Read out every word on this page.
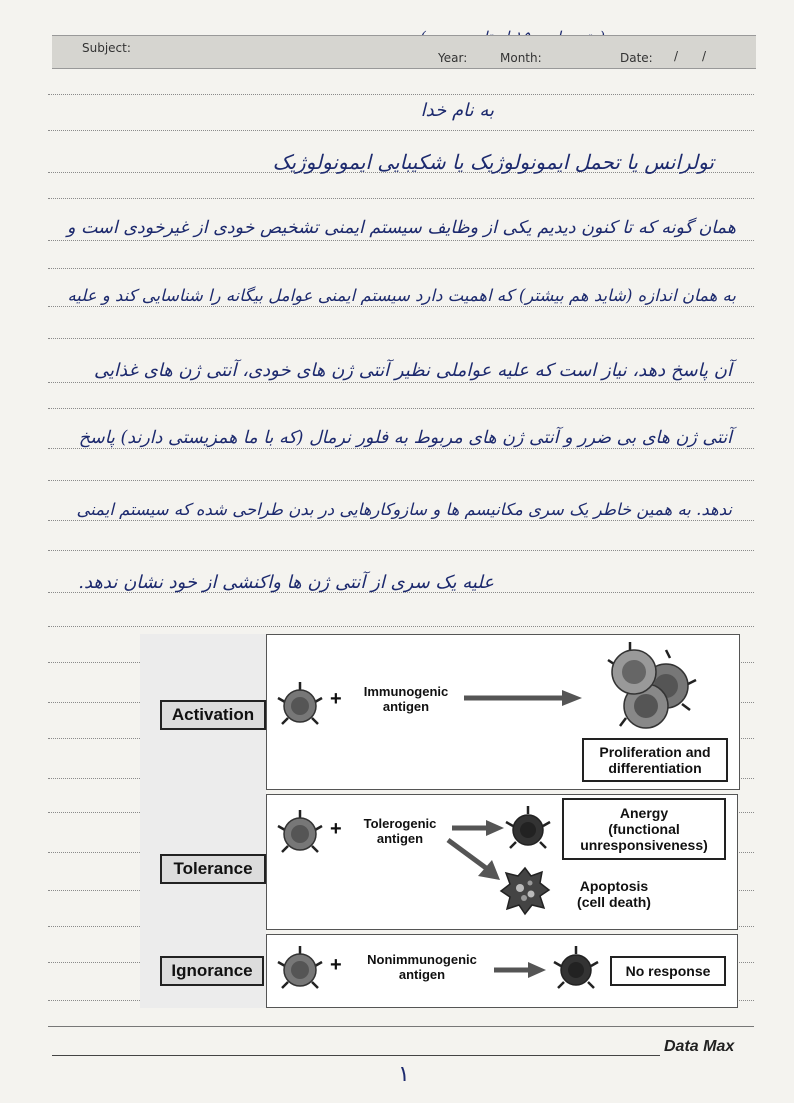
Subject:
Year:	Month:	Date: / /
به نام خدا
تولرانس یا تحمل ایمونولوژیک یا شکیبایی ایمونولوژیک
همان گونه که تا کنون دیدیم یکی از وظایف سیستم ایمنی تشخیص خودی از غیرخودی است و
به همان اندازه (شاید هم بیشتر) که اهمیت دارد سیستم ایمنی عوامل بیگانه را شناسایی کند و علیه
آن پاسخ دهد، نیاز است که علیه عواملی نظیر آنتی ژن های خودی، آنتی ژن های غذایی
آنتی ژن های بی ضرر و آنتی ژن های مربوط به فلور نرمال (که با ما همزیستی دارند) پاسخ
ندهد. به همین خاطر یک سری مکانیسم ها و سازوکارهایی در بدن طراحی شده که سیستم ایمنی
علیه یک سری از آنتی ژن ها واکنشی از خود نشان ندهد.
Activation
Tolerance
Ignorance
+	Immunogenic
antigen
Proliferation and
differentiation
+	Tolerogenic
antigen
Anergy
(functional
unresponsiveness)
Apoptosis
(cell death)
+	Nonimmunogenic
antigen	No response
Data Max
۱
